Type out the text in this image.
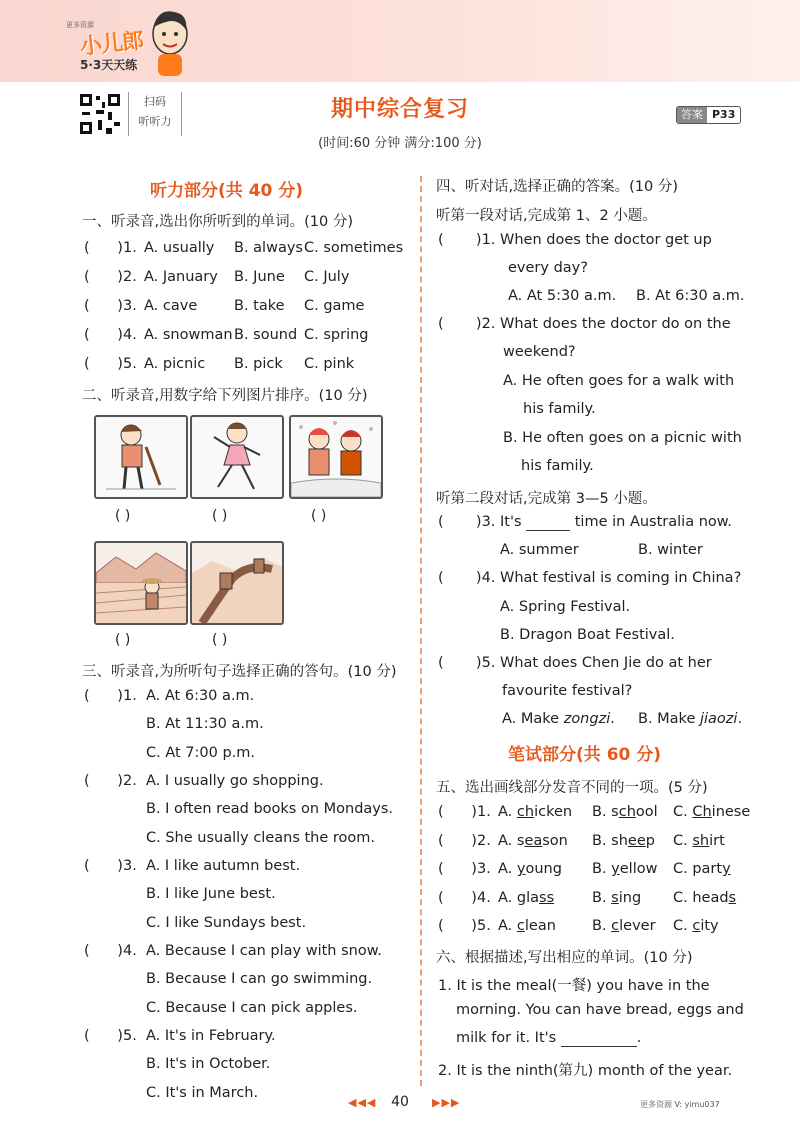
更多资源
小儿郎
5·3天天练
扫码
听听力	期中综合复习
(时间:60 分钟 满分:100 分)
答案 P33
听力部分(共 40 分)
一、听录音,选出你所听到的单词。(10 分)
(      )1. A. usually B. always C. sometimes
(      )2. A. January B. June C. July
(      )3. A. cave	B. take C. game
(      )4. A. snowman B. sound C. spring
(      )5. A. picnic B. pick C. pink
二、听录音,用数字给下列图片排序。(10 分)
( )	( )	( )
( )	( )
三、听录音,为所听句子选择正确的答句。(10 分)
(      )1. A. At 6:30 a.m.
B. At 11:30 a.m.
C. At 7:00 p.m.
(      )2. A. I usually go shopping.
B. I often read books on Mondays.
C. She usually cleans the room.
(      )3. A. I like autumn best.
B. I like June best.
C. I like Sundays best.
(      )4. A. Because I can play with snow.
B. Because I can go swimming.
C. Because I can pick apples.
(      )5. A. It's in February.
B. It's in October.
C. It's in March.
四、听对话,选择正确的答案。(10 分)
听第一段对话,完成第 1、2 小题。
(       )1. When does the doctor get up
every day?
A. At 5:30 a.m. B. At 6:30 a.m.
(       )2. What does the doctor do on the
weekend?
A. He often goes for a walk with
his family.
B. He often goes on a picnic with
his family.
听第二段对话,完成第 3—5 小题。
(       )3. It's	time in Australia now.
A. summer	B. winter
(       )4. What festival is coming in China?
A. Spring Festival.
B. Dragon Boat Festival.
(       )5. What does Chen Jie do at her
favourite festival?
A. Make zongzi. B. Make jiaozi.
笔试部分(共 60 分)
五、选出画线部分发音不同的一项。(5 分)
(      )1. A. chicken B. school C. Chinese
(      )2. A. season B. sheep C. shirt
(      )3. A. young B. yellow C. party
(      )4. A. glass	B. sing C. heads
(      )5. A. clean B. clever C. city
六、根据描述,写出相应的单词。(10 分)
1. It is the meal(一餐) you have in the
morning. You can have bread, eggs and
milk for it. It's	.
2. It is the ninth(第九) month of the year.
◀◀◀	40	▶▶▶	更多资源 V: yimu037
